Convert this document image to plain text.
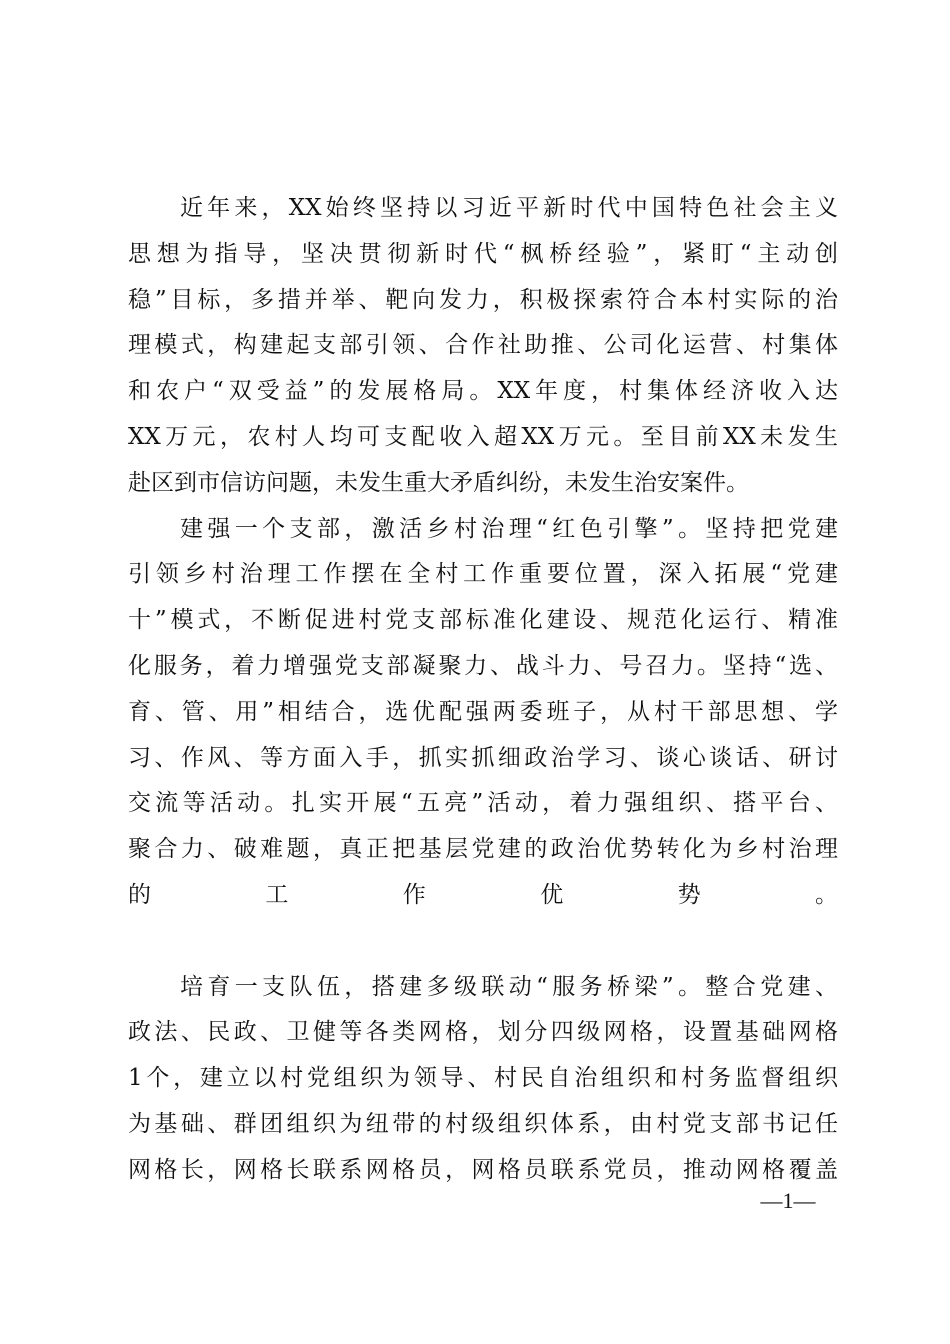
近年来，XX始终坚持以习近平新时代中国特色社会主义
思想为指导，坚决贯彻新时代“枫桥经验”，紧盯“主动创
稳”目标，多措并举、靶向发力，积极探索符合本村实际的治
理模式，构建起支部引领、合作社助推、公司化运营、村集体
和农户“双受益”的发展格局。XX年度，村集体经济收入达
XX万元，农村人均可支配收入超XX万元。至目前XX未发生
赴区到市信访问题，未发生重大矛盾纠纷，未发生治安案件。
建强一个支部，激活乡村治理“红色引擎”。坚持把党建
引领乡村治理工作摆在全村工作重要位置，深入拓展“党建
十”模式，不断促进村党支部标准化建设、规范化运行、精准
化服务，着力增强党支部凝聚力、战斗力、号召力。坚持“选、
育、管、用”相结合，选优配强两委班子，从村干部思想、学
习、作风、等方面入手，抓实抓细政治学习、谈心谈话、研讨
交流等活动。扎实开展“五亮”活动，着力强组织、搭平台、
聚合力、破难题，真正把基层党建的政治优势转化为乡村治理
的工作优势。
培育一支队伍，搭建多级联动“服务桥梁”。整合党建、
政法、民政、卫健等各类网格，划分四级网格，设置基础网格
1个，建立以村党组织为领导、村民自治组织和村务监督组织
为基础、群团组织为纽带的村级组织体系，由村党支部书记任
网格长，网格长联系网格员，网格员联系党员，推动网格覆盖
—1—
